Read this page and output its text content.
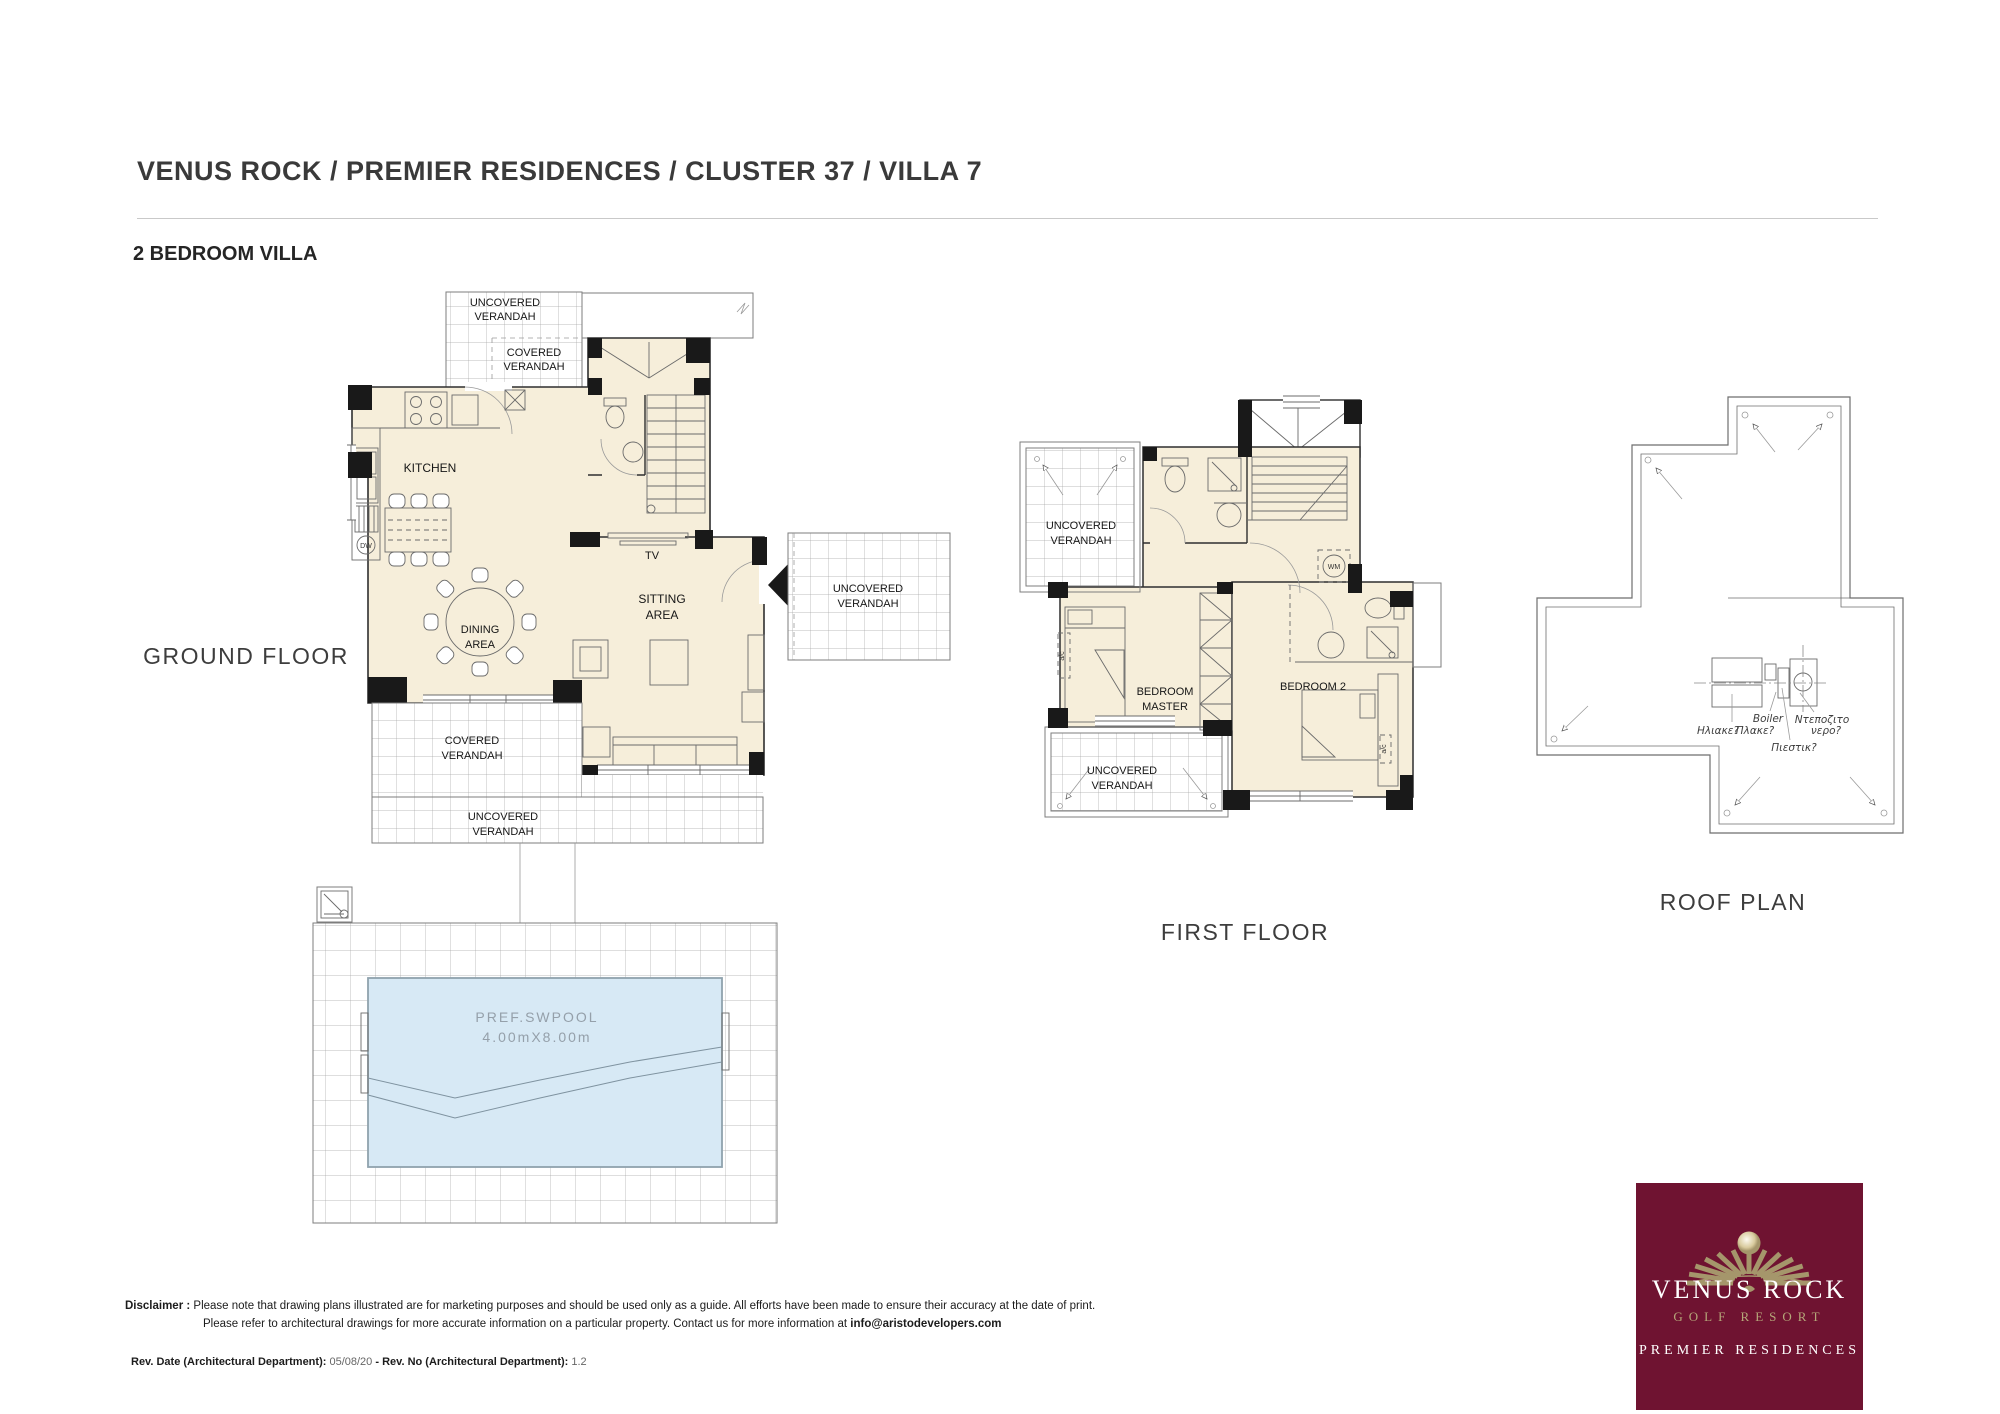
VENUS ROCK / PREMIER RESIDENCES / CLUSTER 37 / VILLA 7
2 BEDROOM VILLA
DW
UNCOVERED
VERANDAH
COVERED
VERANDAH
KITCHEN
DINING
AREA
SITTING
AREA
TV
UNCOVERED
VERANDAH
COVERED
VERANDAH
UNCOVERED
VERANDAH
GROUND FLOOR
PREF.SWPOOL
4.00mX8.00m
WM
a/c
a/c
UNCOVERED
VERANDAH
BEDROOM
MASTER
BEDROOM 2
UNCOVERED
VERANDAH
FIRST FLOOR
Boiler
Ηλιακε?
Πλακε?
Ντεποζιτο
νερο?
Πιεστικ?
ROOF PLAN
Disclaimer : Please note that drawing plans illustrated are for marketing purposes and should be used only as a guide. All efforts have been made to ensure their accuracy at the date of print.
Please refer to architectural drawings for more accurate information on a particular property. Contact us for more information at info@aristodevelopers.com
Rev. Date (Architectural Department): 05/08/20 - Rev. No (Architectural Department): 1.2
VENUS ROCK
GOLF RESORT
PREMIER RESIDENCES
